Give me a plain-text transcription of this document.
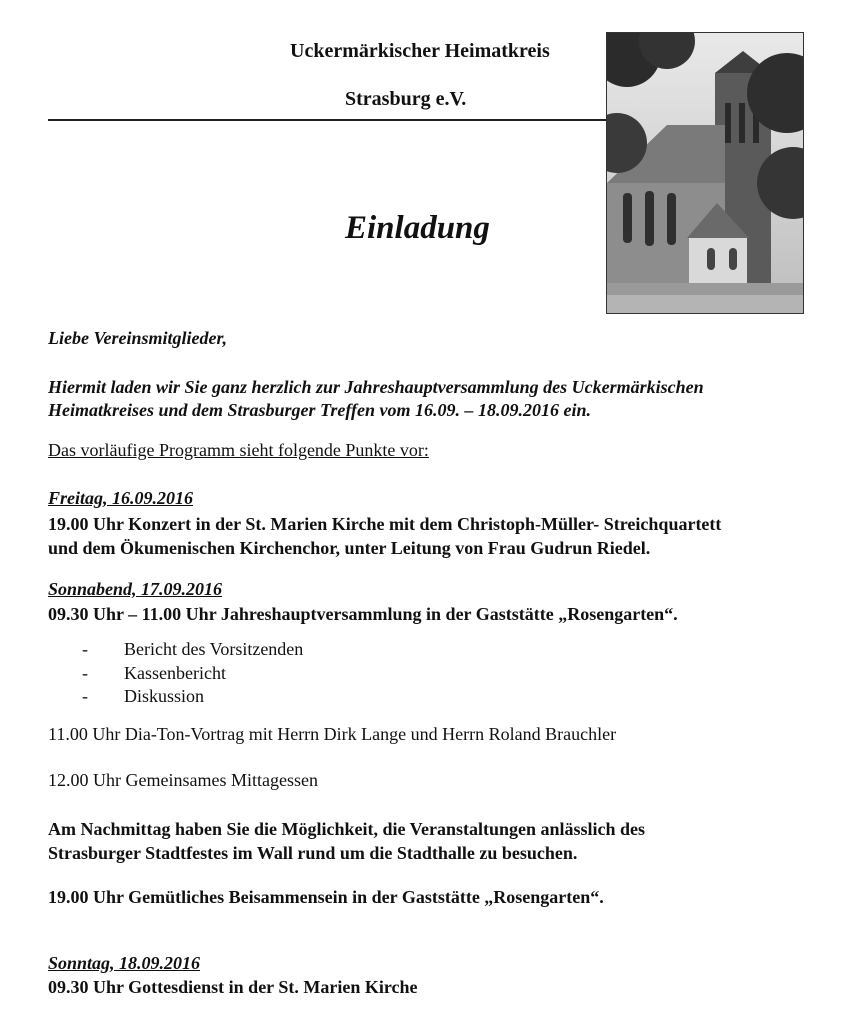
Uckermärkischer Heimatkreis
Strasburg e.V.
Einladung
Liebe Vereinsmitglieder,
Hiermit laden wir Sie ganz herzlich zur Jahreshauptversammlung des Uckermärkischen
Heimatkreises und dem Strasburger Treffen vom 16.09. – 18.09.2016 ein.
Das vorläufige Programm sieht folgende Punkte vor:
Freitag, 16.09.2016
19.00 Uhr Konzert in der St. Marien Kirche mit dem Christoph-Müller- Streichquartett
und dem Ökumenischen Kirchenchor, unter Leitung von Frau Gudrun Riedel.
Sonnabend, 17.09.2016
09.30 Uhr – 11.00 Uhr Jahreshauptversammlung in der Gaststätte „Rosengarten“.
- Bericht des Vorsitzenden
- Kassenbericht
- Diskussion
11.00 Uhr Dia-Ton-Vortrag mit Herrn Dirk Lange und Herrn Roland Brauchler
12.00 Uhr Gemeinsames Mittagessen
Am Nachmittag haben Sie die Möglichkeit, die Veranstaltungen anlässlich des
Strasburger Stadtfestes im Wall rund um die Stadthalle zu besuchen.
19.00 Uhr Gemütliches Beisammensein in der Gaststätte „Rosengarten“.
Sonntag, 18.09.2016
09.30 Uhr Gottesdienst in der St. Marien Kirche
